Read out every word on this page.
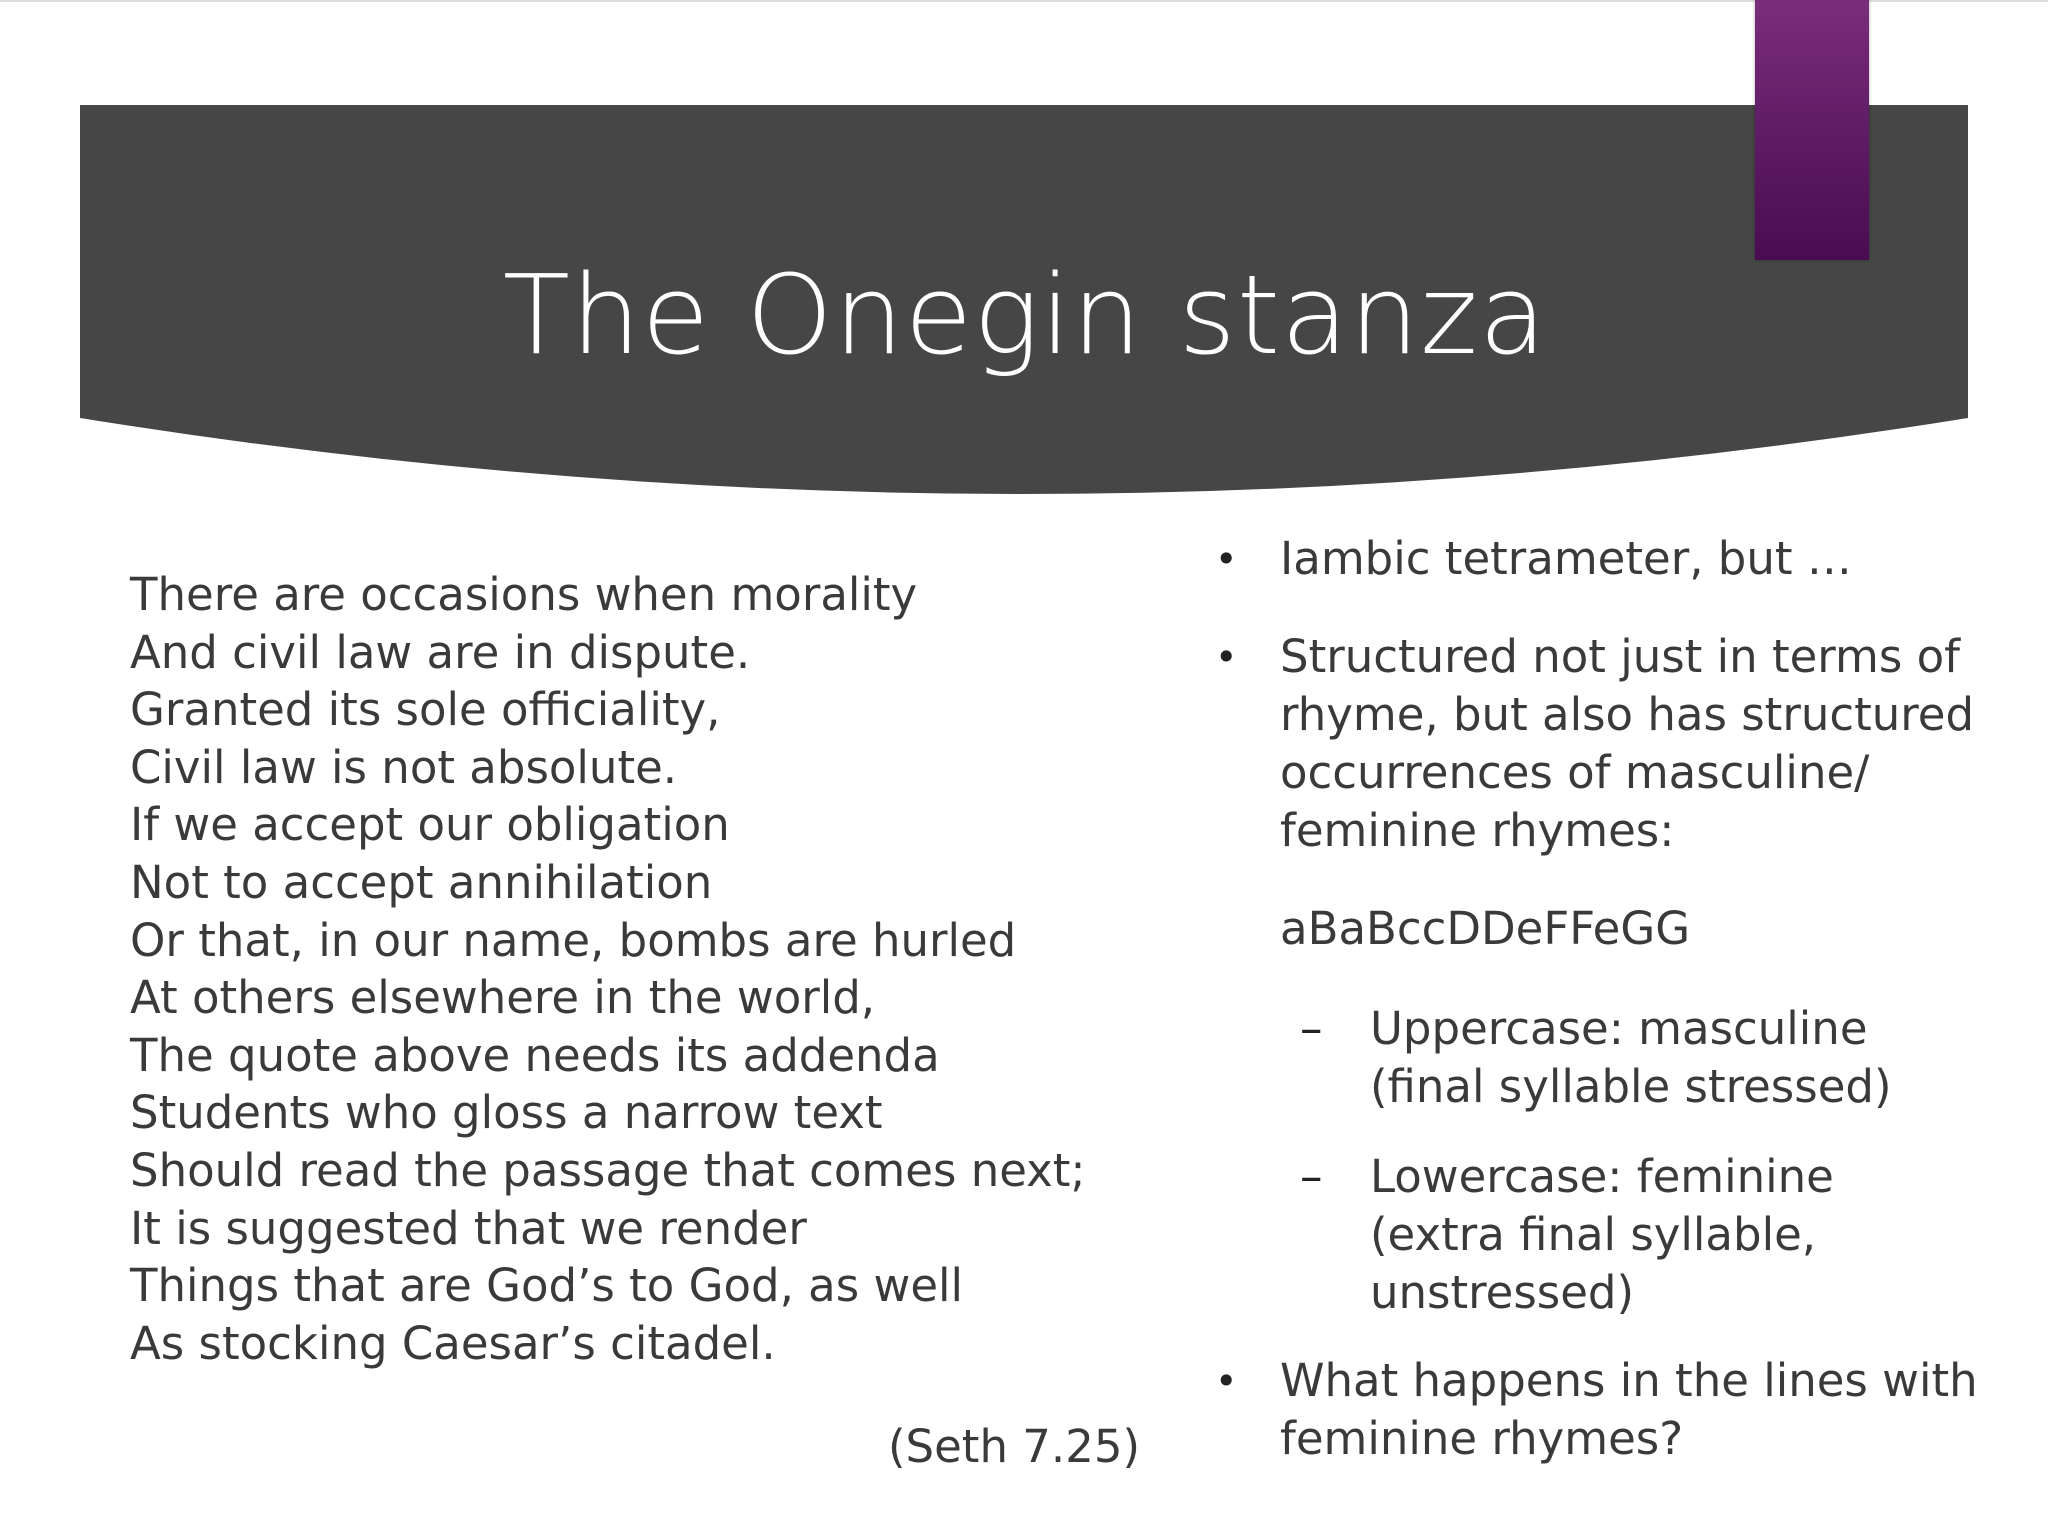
The Onegin stanza
There are occasions when morality
And civil law are in dispute.
Granted its sole officiality,
Civil law is not absolute.
If we accept our obligation
Not to accept annihilation
Or that, in our name, bombs are hurled
At others elsewhere in the world,
The quote above needs its addenda
Students who gloss a narrow text
Should read the passage that comes next;
It is suggested that we render
Things that are God’s to God, as well
As stocking Caesar’s citadel.
(Seth 7.25)
• Iambic tetrameter, but …
• Structured not just in terms of
rhyme, but also has structured
occurrences of masculine/
feminine rhymes:
aBaBccDDeFFeGG
– Uppercase: masculine
(final syllable stressed)
– Lowercase: feminine
(extra final syllable,
unstressed)
• What happens in the lines with
feminine rhymes?
